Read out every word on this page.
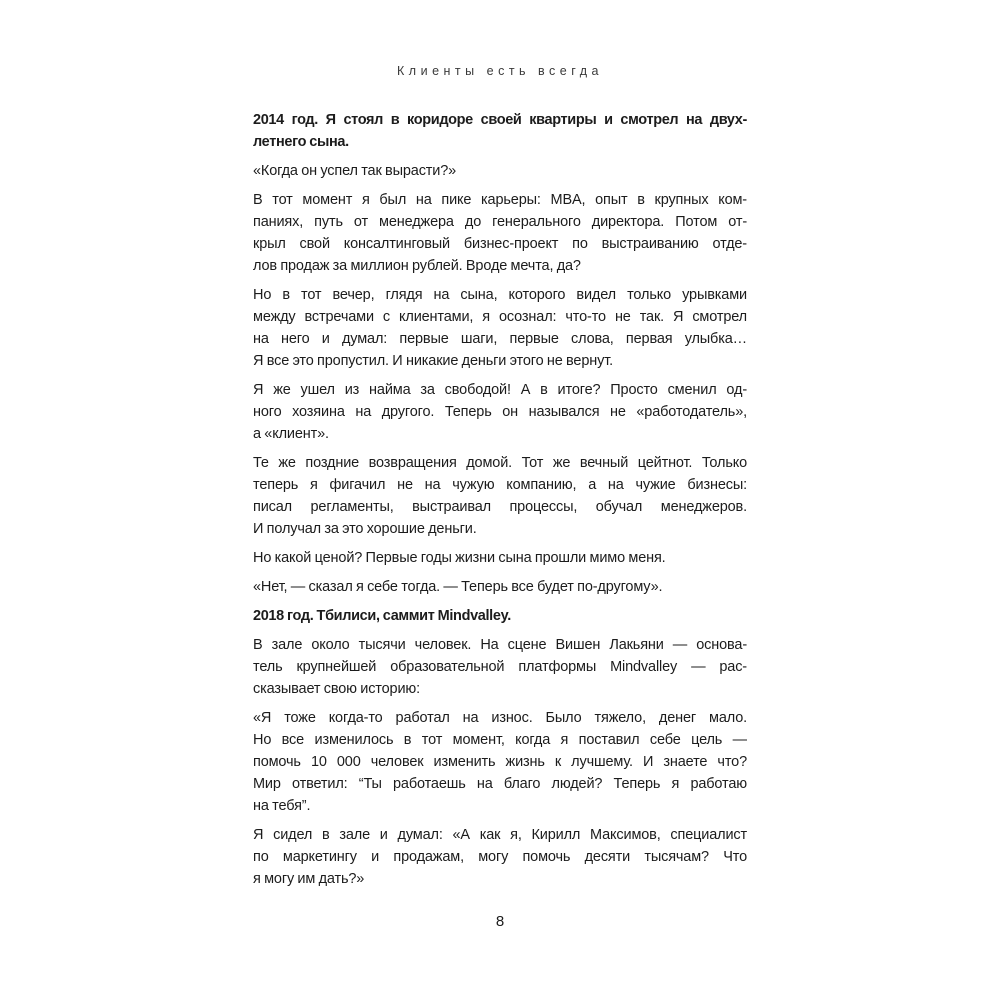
Клиенты есть всегда

2014 год. Я стоял в коридоре своей квартиры и смотрел на двух-
летнего сына.

«Когда он успел так вырасти?»

В тот момент я был на пике карьеры: MBA, опыт в крупных ком-
паниях, путь от менеджера до генерального директора. Потом от-
крыл свой консалтинговый бизнес-проект по выстраиванию отде-
лов продаж за миллион рублей. Вроде мечта, да?

Но в тот вечер, глядя на сына, которого видел только урывками
между встречами с клиентами, я осознал: что-то не так. Я смотрел
на него и думал: первые шаги, первые слова, первая улыбка…
Я все это пропустил. И никакие деньги этого не вернут.

Я же ушел из найма за свободой! А в итоге? Просто сменил од-
ного хозяина на другого. Теперь он назывался не «работодатель»,
а «клиент».

Те же поздние возвращения домой. Тот же вечный цейтнот. Только
теперь я фигачил не на чужую компанию, а на чужие бизнесы:
писал регламенты, выстраивал процессы, обучал менеджеров.
И получал за это хорошие деньги.

Но какой ценой? Первые годы жизни сына прошли мимо меня.

«Нет, — сказал я себе тогда. — Теперь все будет по-другому».

2018 год. Тбилиси, саммит Mindvalley.

В зале около тысячи человек. На сцене Вишен Лакьяни — основа-
тель крупнейшей образовательной платформы Mindvalley — рас-
сказывает свою историю:

«Я тоже когда-то работал на износ. Было тяжело, денег мало.
Но все изменилось в тот момент, когда я поставил себе цель —
помочь 10 000 человек изменить жизнь к лучшему. И знаете что?
Мир ответил: “Ты работаешь на благо людей? Теперь я работаю
на тебя”.

Я сидел в зале и думал: «А как я, Кирилл Максимов, специалист
по маркетингу и продажам, могу помочь десяти тысячам? Что
я могу им дать?»

8
